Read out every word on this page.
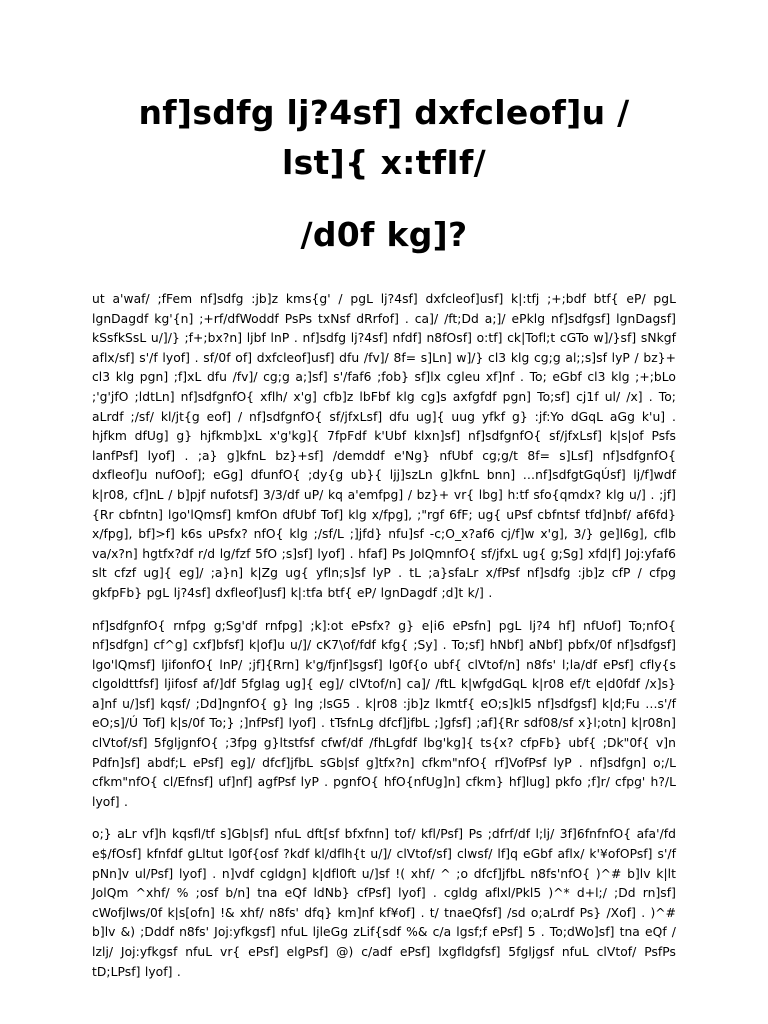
nf]sdfg lj?4sf] dxfcleof]u /
lst]{ x:tfIf/
/d0f kg]?

ut a'waf/ ;fFem nf]sdfg :jb]z kms{g' / pgL lj?4sf] dxfcleof]usf] k|:tfj ;+;bdf btf{ eP/ pgL lgnDagdf kg'{n] ;+rf/dfWoddf PsPs txNsf dRrfof] . ca]/ /ft;Dd a;]/ ePklg nf]sdfgsf] lgnDagsf] kSsfkSsL u/]/} ;f+;bx?n] ljbf lnP . nf]sdfg lj?4sf] nfdf] n8fOsf] o:tf] ck|Tofl;t cGTo w]/}sf] sNkgf aflx/sf] s'/f lyof] . sf/0f of] dxfcleof]usf] dfu /fv]/ 8f= s]Ln] w]/} cl3 klg cg;g al;;s]sf lyP / bz}+ cl3 klg pgn] ;f]xL dfu /fv]/ cg;g a;]sf] s'/faf6 ;fob} sf]lx cgleu xf]nf . To; eGbf cl3 klg ;+;bLo ;'g'jfO ;ldtLn] nf]sdfgnfO{ xflh/ x'g] cfb]z lbFbf klg cg]s axfgfdf pgn] To;sf] cj1f ul/ /x] . To; aLrdf ;/sf/ kl/jt{g eof] / nf]sdfgnfO{ sf/jfxLsf] dfu ug]{ uug yfkf g} :jf:Yo dGqL aGg k'u] . hjfkm dfUg] g} hjfkmb]xL x'g'kg]{ 7fpFdf k'Ubf klxn]sf] nf]sdfgnfO{ sf/jfxLsf] k|s|of Psfs lanfPsf] lyof] . ;a} g]kfnL bz}+sf] /demddf e'Ng} nfUbf cg;g/t 8f= s]Lsf] nf]sdfgnfO{ dxfleof]u nufOof]; eGg] dfunfO{ ;dy{g ub}{ ljj]szLn g]kfnL bnn] …nf]sdfgtGqÚsf] lj/f]wdf k|r08, cf]nL / b]pjf nufotsf] 3/3/df uP/ kq a'emfpg] / bz}+ vr{ lbg] h:tf sfo{qmdx? klg u/] . ;jf]{Rr cbfntn] lgo'lQmsf] kmfOn dfUbf Tof] klg x/fpg], ;"rgf 6fF; ug{ uPsf cbfntsf tfd]nbf/ af6fd} x/fpg], bf]>f] k6s uPsfx? nfO{ klg ;/sf/L ;]jfd} nfu]sf -c;O_x?af6 cj/f]w x'g], 3/} ge]l6g], cflb va/x?n] hgtfx?df r/d lg/fzf 5fO ;s]sf] lyof] . hfaf] Ps JolQmnfO{ sf/jfxL ug{ g;Sg] xfd|f] Joj:yfaf6 slt cfzf ug]{ eg]/ ;a}n] k|Zg ug{ yfln;s]sf lyP . tL ;a}sfaLr x/fPsf nf]sdfg :jb]z cfP / cfpg gkfpFb} pgL lj?4sf] dxfleof]usf] k|:tfa btf{ eP/ lgnDagdf ;d]t k/] .

nf]sdfgnfO{ rnfpg g;Sg'df rnfpg] ;k]:ot ePsfx? g} e|i6 ePsfn] pgL lj?4 hf] nfUof] To;nfO{ nf]sdfgn] cf^g] cxf]bfsf] k|of]u u/]/ cK7\of/fdf kfg{ ;Sy] . To;sf] hNbf] aNbf] pbfx/0f nf]sdfgsf] lgo'lQmsf] ljifonfO{ lnP/ ;jf]{Rrn] k'g/fjnf]sgsf] lg0f{o ubf{ clVtof/n] n8fs' l;la/df ePsf] cfly{s clgoldttfsf] ljifosf af/]df 5fglag ug]{ eg]/ clVtof/n] ca]/ /ftL k|wfgdGqL k|r08 ef/t e|d0fdf /x]s} a]nf u/]sf] kqsf/ ;Dd]ngnfO{ g} lng ;lsG5 . k|r08 :jb]z lkmtf{ eO;s]kl5 nf]sdfgsf] k|d;Fu …s'/f eO;s]/Ú Tof] k|s/0f To;} ;]nfPsf] lyof] . tTsfnLg dfcf]jfbL ;]gfsf] ;af]{Rr sdf08/sf x}l;otn] k|r08n] clVtof/sf] 5fgljgnfO{ ;3fpg g}ltstfsf cfwf/df /fhLgfdf lbg'kg]{ ts{x? cfpFb} ubf{ ;Dk"0f{ v]n Pdfn]sf] abdf;L ePsf] eg]/ dfcf]jfbL sGb|sf g]tfx?n] cfkm"nfO{ rf]VofPsf lyP . nf]sdfgn] o;/L cfkm"nfO{ cl/Efnsf] uf]nf] agfPsf lyP . pgnfO{ hfO{nfUg]n] cfkm} hf]lug] pkfo ;f]r/ cfpg' h?/L lyof] .

o;} aLr vf]h kqsfl/tf s]Gb|sf] nfuL dft[sf bfxfnn] tof/ kfl/Psf] Ps ;dfrf/df l;lj/ 3f]6fnfnfO{ afa'/fd e$/fOsf] kfnfdf gLltut lg0f{osf ?kdf kl/dflh{t u/]/ clVtof/sf] clwsf/ lf]q eGbf aflx/ k'¥ofOPsf] s'/f pNn]v ul/Psf] lyof] . n]vdf cgldgn] k|dfl0ft u/]sf !( xhf/ ^ ;o dfcf]jfbL n8fs'nfO{ )^# b]lv k|lt JolQm ^xhf/ % ;osf b/n] tna eQf ldNb} cfPsf] lyof] . cgldg aflxl/Pkl5 )^* d+l;/ ;Dd rn]sf] cWofjlws/0f k|s[ofn] !& xhf/ n8fs' dfq} km]nf kf¥of] . t/ tnaeQfsf] /sd o;aLrdf Ps} /Xof] . )^# b]lv &) ;Dddf n8fs' Joj:yfkgsf] nfuL ljleGg zLif{sdf %& c/a lgsf;f ePsf] 5 . To;dWo]sf] tna eQf / lzlj/ Joj:yfkgsf nfuL vr{ ePsf] elgPsf] @) c/adf ePsf] lxgfldgfsf] 5fgljgsf nfuL clVtof/ PsfPs tD;LPsf] lyof] .
